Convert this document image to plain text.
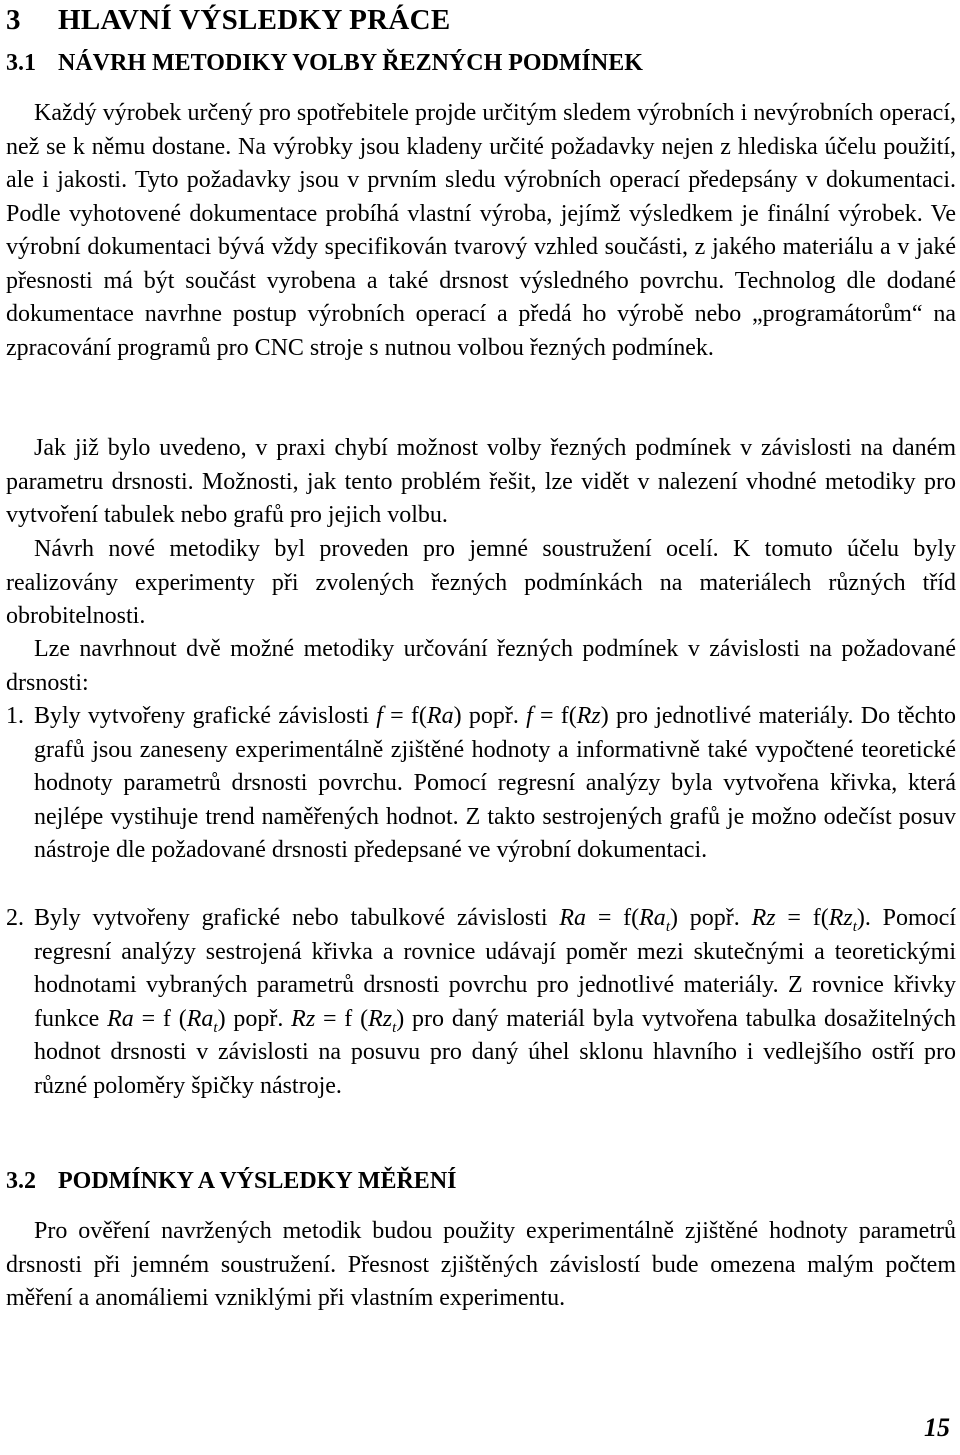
3 HLAVNÍ VÝSLEDKY PRÁCE
3.1 NÁVRH METODIKY VOLBY ŘEZNÝCH PODMÍNEK

Každý výrobek určený pro spotřebitele projde určitým sledem výrobních i nevýrobních operací, než se k němu dostane. Na výrobky jsou kladeny určité požadavky nejen z hlediska účelu použití, ale i jakosti. Tyto požadavky jsou v prvním sledu výrobních operací předepsány v dokumentaci. Podle vyhotovené dokumentace probíhá vlastní výroba, jejímž výsledkem je finální výrobek. Ve výrobní dokumentaci bývá vždy specifikován tvarový vzhled součásti, z jakého materiálu a v jaké přesnosti má být součást vyrobena a také drsnost výsledného povrchu. Technolog dle dodané dokumentace navrhne postup výrobních operací a předá ho výrobě nebo „programátorům“ na zpracování programů pro CNC stroje s nutnou volbou řezných podmínek.

Jak již bylo uvedeno, v praxi chybí možnost volby řezných podmínek v závislosti na daném parametru drsnosti. Možnosti, jak tento problém řešit, lze vidět v nalezení vhodné metodiky pro vytvoření tabulek nebo grafů pro jejich volbu.

Návrh nové metodiky byl proveden pro jemné soustružení ocelí. K tomuto účelu byly realizovány experimenty při zvolených řezných podmínkách na materiálech různých tříd obrobitelnosti.

Lze navrhnout dvě možné metodiky určování řezných podmínek v závislosti na požadované drsnosti:

1. Byly vytvořeny grafické závislosti f = f(Ra) popř. f = f(Rz) pro jednotlivé materiály. Do těchto grafů jsou zaneseny experimentálně zjištěné hodnoty a informativně také vypočtené teoretické hodnoty parametrů drsnosti povrchu. Pomocí regresní analýzy byla vytvořena křivka, která nejlépe vystihuje trend naměřených hodnot. Z takto sestrojených grafů je možno odečíst posuv nástroje dle požadované drsnosti předepsané ve výrobní dokumentaci.
2. Byly vytvořeny grafické nebo tabulkové závislosti $Ra = f(Ra_t)$ popř. $Rz = f(Rz_t)$. Pomocí regresní analýzy sestrojená křivka a rovnice udávají poměr mezi skutečnými a teoretickými hodnotami vybraných parametrů drsnosti povrchu pro jednotlivé materiály. Z rovnice křivky funkce Ra = f $(Ra_t)$ popř. Rz = f $(Rz_t)$ pro daný materiál byla vytvořena tabulka dosažitelných hodnot drsnosti v závislosti na posuvu pro daný úhel sklonu hlavního i vedlejšího ostří pro různé poloměry špičky nástroje.
3.2 PODMÍNKY A VÝSLEDKY MĚŘENÍ

Pro ověření navržených metodik budou použity experimentálně zjištěné hodnoty parametrů drsnosti při jemném soustružení. Přesnost zjištěných závislostí bude omezena malým počtem měření a anomáliemi vzniklými při vlastním experimentu.

15
